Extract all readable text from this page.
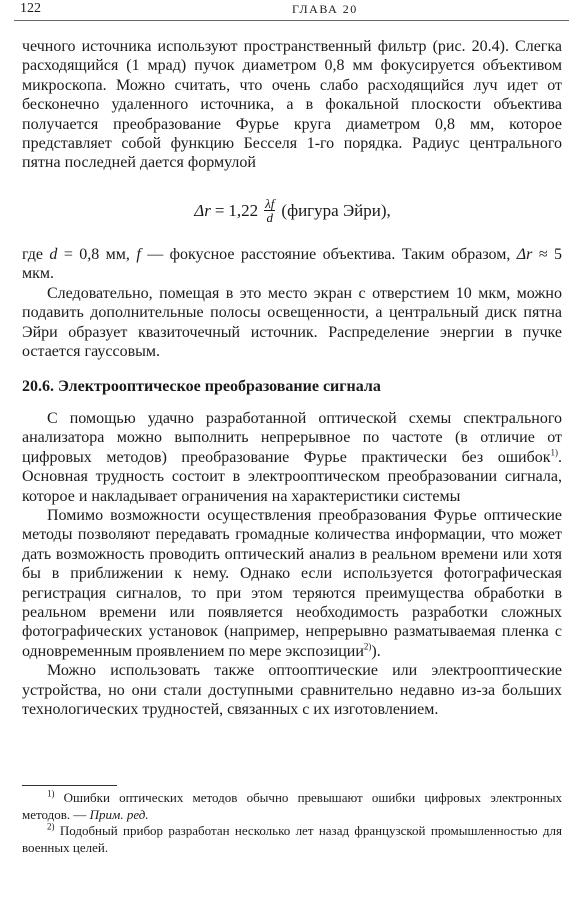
122	ГЛАВА 20

чечного источника используют пространственный фильтр (рис. 20.4). Слегка расходящийся (1 мрад) пучок диаметром 0,8 мм фокусируется объективом микроскопа. Можно считать, что очень слабо расходящийся луч идет от бесконечно удаленного источника, а в фокальной плоскости объектива получается преобразование Фурье круга диаметром 0,8 мм, которое представляет собой функцию Бесселя 1-го порядка. Радиус центрального пятна последней дается формулой

$\Delta r = 1,22 \frac{\lambda f}{d}$ (фигура Эйри),

где d = 0,8 мм, f — фокусное расстояние объектива. Таким образом, Δr ≈ 5 мкм.

Следовательно, помещая в это место экран с отверстием 10 мкм, можно подавить дополнительные полосы освещенности, а центральный диск пятна Эйри образует квазиточечный источник. Распределение энергии в пучке остается гауссовым.

20.6. Электрооптическое преобразование сигнала

С помощью удачно разработанной оптической схемы спектрального анализатора можно выполнить непрерывное по частоте (в отличие от цифровых методов) преобразование Фурье практически без ошибок$^{1)}$. Основная трудность состоит в электрооптическом преобразовании сигнала, которое и накладывает ограничения на характеристики системы

Помимо возможности осуществления преобразования Фурье оптические методы позволяют передавать громадные количества информации, что может дать возможность проводить оптический анализ в реальном времени или хотя бы в приближении к нему. Однако если используется фотографическая регистрация сигналов, то при этом теряются преимущества обработки в реальном времени или появляется необходимость разработки сложных фотографических установок (например, непрерывно разматываемая пленка с одновременным проявлением по мере экспозиции$^{2)}$).

Можно использовать также оптооптические или электрооптические устройства, но они стали доступными сравнительно недавно из-за больших технологических трудностей, связанных с их изготовлением.

$^{1)}$ Ошибки оптических методов обычно превышают ошибки цифровых электронных методов. — Прим. ред.

$^{2)}$ Подобный прибор разработан несколько лет назад французской промышленностью для военных целей.
